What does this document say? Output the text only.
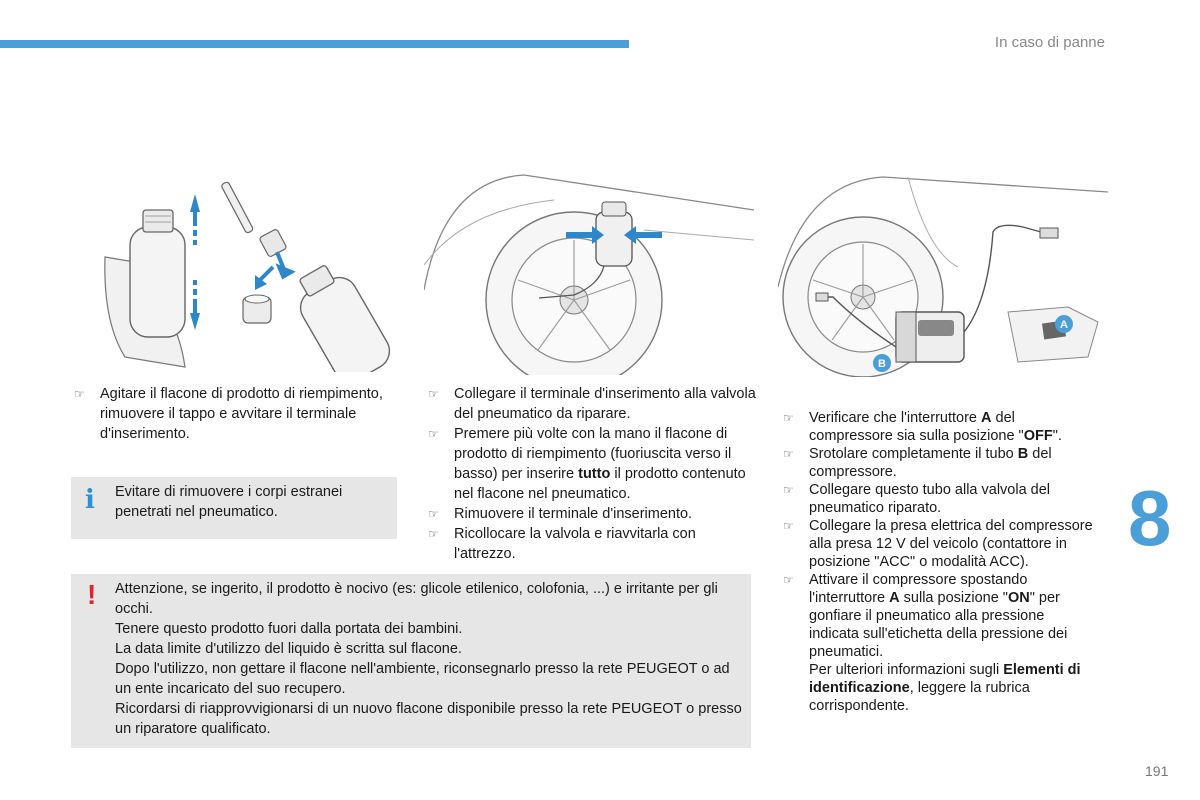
In caso di panne
A
B
☞ Agitare il flacone di prodotto di riempimento, rimuovere il tappo e avvitare il terminale d'inserimento.
i Evitare di rimuovere i corpi estranei penetrati nel pneumatico.
☞ Collegare il terminale d'inserimento alla valvola del pneumatico da riparare.
☞ Premere più volte con la mano il flacone di prodotto di riempimento (fuoriuscita verso il basso) per inserire tutto il prodotto contenuto nel flacone nel pneumatico.
☞ Rimuovere il terminale d'inserimento.
☞ Ricollocare la valvola e riavvitarla con l'attrezzo.
☞ Verificare che l'interruttore A del compressore sia sulla posizione "OFF".
☞ Srotolare completamente il tubo B del compressore.
☞ Collegare questo tubo alla valvola del pneumatico riparato.
☞ Collegare la presa elettrica del compressore alla presa 12 V del veicolo (contattore in posizione "ACC" o modalità ACC).
☞ Attivare il compressore spostando l'interruttore A sulla posizione "ON" per gonfiare il pneumatico alla pressione indicata sull'etichetta della pressione dei pneumatici.
Per ulteriori informazioni sugli Elementi di identificazione, leggere la rubrica corrispondente.
! Attenzione, se ingerito, il prodotto è nocivo (es: glicole etilenico, colofonia, ...) e irritante per gli occhi.

Tenere questo prodotto fuori dalla portata dei bambini.

La data limite d'utilizzo del liquido è scritta sul flacone.

Dopo l'utilizzo, non gettare il flacone nell'ambiente, riconsegnarlo presso la rete PEUGEOT o ad un ente incaricato del suo recupero.

Ricordarsi di riapprovvigionarsi di un nuovo flacone disponibile presso la rete PEUGEOT o presso un riparatore qualificato.

8
191
